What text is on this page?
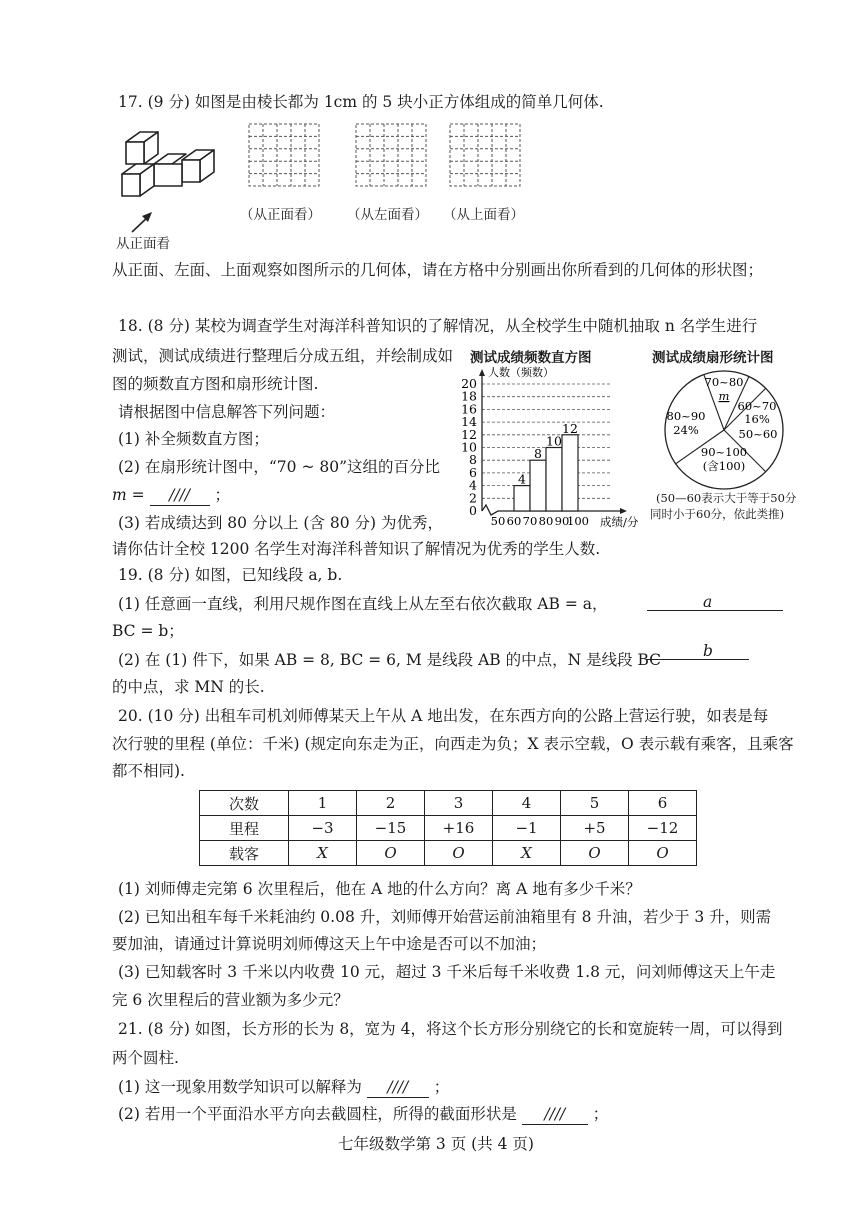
17. (9 分) 如图是由棱长都为 1cm 的 5 块小正方体组成的简单几何体.
从正面看
（从正面看） （从左面看） （从上面看）
从正面、左面、上面观察如图所示的几何体，请在方格中分别画出你所看到的几何体的形状图；
18. (8 分) 某校为调查学生对海洋科普知识的了解情况，从全校学生中随机抽取 n 名学生进行
测试，测试成绩进行整理后分成五组，并绘制成如
图的频数直方图和扇形统计图.
请根据图中信息解答下列问题：
(1) 补全频数直方图；
(2) 在扇形统计图中，“70 ~ 80”这组的百分比
m = //// ；
(3) 若成绩达到 80 分以上 (含 80 分) 为优秀，
请你估计全校 1200 名学生对海洋科普知识了解情况为优秀的学生人数.
测试成绩频数直方图
0
2
4
6
8
10
12
14
16
18
20
人数（频数）
4
8
10
12
50 60 70 80 90
100 成绩/分
测试成绩扇形统计图
70~80
m
60~70
16%
50~60
90~100
(含100)
80~90
24%
(50—60表示大于等于50分
同时小于60分，依此类推)
19. (8 分) 如图，已知线段 a, b.
(1) 任意画一直线，利用尺规作图在直线上从左至右依次截取 AB = a，
BC = b；
(2) 在 (1) 件下，如果 AB = 8, BC = 6, M 是线段 AB 的中点，N 是线段 BC
的中点，求 MN 的长.
a
b
20. (10 分) 出租车司机刘师傅某天上午从 A 地出发，在东西方向的公路上营运行驶，如表是每
次行驶的里程 (单位：千米) (规定向东走为正，向西走为负；X 表示空载，O 表示载有乘客，且乘客
都不相同).
次数	1	2	3	4	5	6
里程	−3	−15	+16	−1	+5	−12
载客	X	O	O	X	O	O
(1) 刘师傅走完第 6 次里程后，他在 A 地的什么方向？离 A 地有多少千米？
(2) 已知出租车每千米耗油约 0.08 升，刘师傅开始营运前油箱里有 8 升油，若少于 3 升，则需
要加油，请通过计算说明刘师傅这天上午中途是否可以不加油；
(3) 已知载客时 3 千米以内收费 10 元，超过 3 千米后每千米收费 1.8 元，问刘师傅这天上午走
完 6 次里程后的营业额为多少元？
21. (8 分) 如图，长方形的长为 8，宽为 4，将这个长方形分别绕它的长和宽旋转一周，可以得到
两个圆柱.
(1) 这一现象用数学知识可以解释为 //// ；
(2) 若用一个平面沿水平方向去截圆柱，所得的截面形状是 //// ；
七年级数学第 3 页 (共 4 页)
